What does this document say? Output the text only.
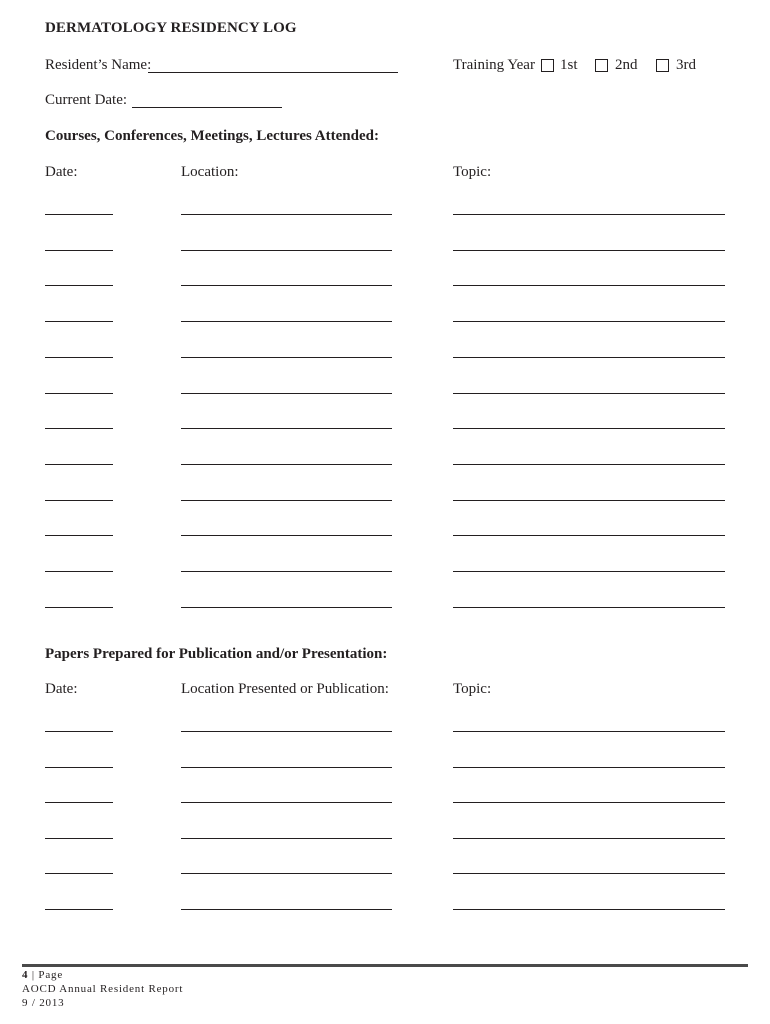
DERMATOLOGY RESIDENCY LOG
Resident’s Name:	Training Year 1st 2nd	3rd
Current Date:
Courses, Conferences, Meetings, Lectures Attended:
Date:	Location:	Topic:
Papers Prepared for Publication and/or Presentation:
Date:	Location Presented or Publication:	Topic:
4 | Page
AOCD Annual Resident Report
9 / 2013
